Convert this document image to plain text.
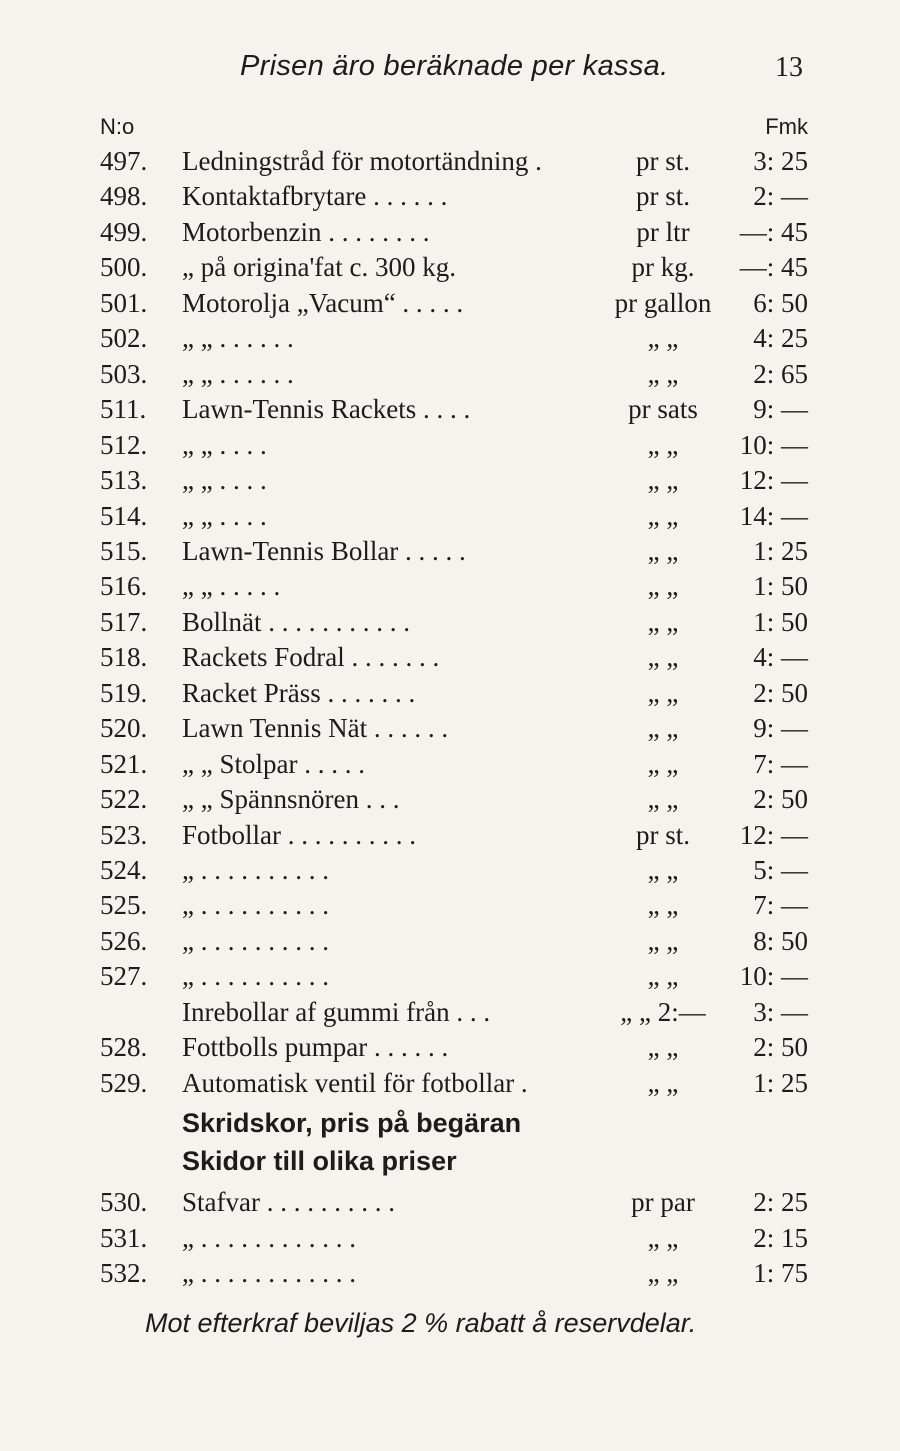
Prisen äro beräknade per kassa.	13
N:o	Fmk
497.	Ledningstråd för motortändning .	pr st.	3: 25
498.	Kontaktafbrytare . . . . . .	pr st.	2: —
499.	Motorbenzin . . . . . . . .	pr ltr	—: 45
500.	„ på origina'fat c. 300 kg.	pr kg.	—: 45
501.	Motorolja „Vacum“ . . . . .	pr gallon	6: 50
502.	„ „ . . . . . .	„ „	4: 25
503.	„ „ . . . . . .	„ „	2: 65
511.	Lawn-Tennis Rackets . . . .	pr sats	9: —
512.	„ „ . . . .	„ „	10: —
513.	„ „ . . . .	„ „	12: —
514.	„ „ . . . .	„ „	14: —
515.	Lawn-Tennis Bollar . . . . .	„ „	1: 25
516.	„ „ . . . . .	„ „	1: 50
517.	Bollnät . . . . . . . . . . .	„ „	1: 50
518.	Rackets Fodral . . . . . . .	„ „	4: —
519.	Racket Präss . . . . . . .	„ „	2: 50
520.	Lawn Tennis Nät . . . . . .	„ „	9: —
521.	„ „ Stolpar . . . . .	„ „	7: —
522.	„ „ Spännsnören . . .	„ „	2: 50
523.	Fotbollar . . . . . . . . . .	pr st.	12: —
524.	„ . . . . . . . . . .	„ „	5: —
525.	„ . . . . . . . . . .	„ „	7: —
526.	„ . . . . . . . . . .	„ „	8: 50
527.	„ . . . . . . . . . .	„ „	10: —
Inrebollar af gummi från . . .	„ „ 2:—	3: —
528.	Fottbolls pumpar . . . . . .	„ „	2: 50
529.	Automatisk ventil för fotbollar .	„ „	1: 25
Skridskor, pris på begäran
Skidor till olika priser
530.	Stafvar . . . . . . . . . .	pr par	2: 25
531.	„ . . . . . . . . . . . .	„ „	2: 15
532.	„ . . . . . . . . . . . .	„ „	1: 75
Mot efterkraf beviljas 2 % rabatt å reservdelar.
